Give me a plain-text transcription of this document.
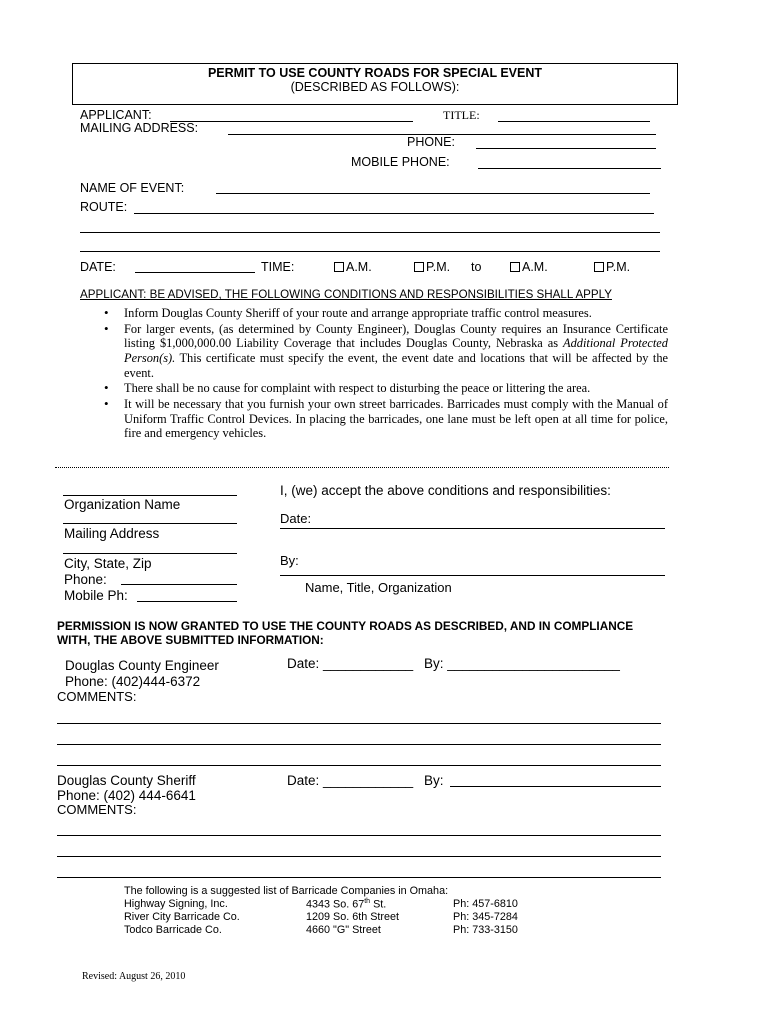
PERMIT TO USE COUNTY ROADS FOR SPECIAL EVENT
(DESCRIBED AS FOLLOWS):
APPLICANT:	TITLE:
MAILING ADDRESS:
PHONE:
MOBILE PHONE:
NAME OF EVENT:
ROUTE:
DATE:	TIME:	A.M.	P.M. to	A.M.	P.M.
APPLICANT: BE ADVISED, THE FOLLOWING CONDITIONS AND RESPONSIBILITIES SHALL APPLY
• Inform Douglas County Sheriff of your route and arrange appropriate traffic control measures.
• For larger events, (as determined by County Engineer), Douglas County requires an Insurance Certificate listing $1,000,000.00 Liability Coverage that includes Douglas County, Nebraska as Additional Protected Person(s). This certificate must specify the event, the event date and locations that will be affected by the event.
• There shall be no cause for complaint with respect to disturbing the peace or littering the area.
• It will be necessary that you furnish your own street barricades. Barricades must comply with the Manual of Uniform Traffic Control Devices. In placing the barricades, one lane must be left open at all time for police, fire and emergency vehicles.
Organization Name
Mailing Address
City, State, Zip
Phone:
Mobile Ph:
I, (we) accept the above conditions and responsibilities:
Date:
By:
Name, Title, Organization
PERMISSION IS NOW GRANTED TO USE THE COUNTY ROADS AS DESCRIBED, AND IN COMPLIANCE WITH, THE ABOVE SUBMITTED INFORMATION:
Douglas County Engineer
Phone: (402)444-6372
COMMENTS:
Date: ____________ By: _______________________
Douglas County Sheriff
Phone: (402) 444-6641
COMMENTS:
Date: ____________ By:
The following is a suggested list of Barricade Companies in Omaha:
Highway Signing, Inc.	4343 So. 67th St.	Ph: 457-6810
River City Barricade Co.	1209 So. 6th Street	Ph: 345-7284
Todco Barricade Co.	4660 "G" Street	Ph: 733-3150
Revised: August 26, 2010
